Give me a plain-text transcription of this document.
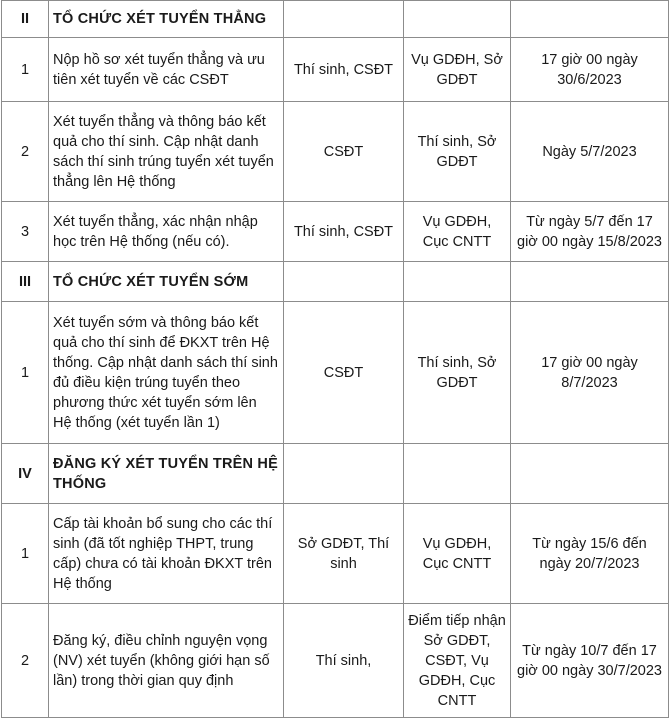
II	TỔ CHỨC XÉT TUYỂN THẲNG			
1	Nộp hồ sơ xét tuyển thẳng và ưu tiên xét tuyển về các CSĐT	Thí sinh, CSĐT	Vụ GDĐH, Sở GDĐT	17 giờ 00 ngày 30/6/2023
2	Xét tuyển thẳng và thông báo kết quả cho thí sinh. Cập nhật danh sách thí sinh trúng tuyển xét tuyển thẳng lên Hệ thống	CSĐT	Thí sinh, Sở GDĐT	Ngày 5/7/2023
3	Xét tuyển thẳng, xác nhận nhập học trên Hệ thống (nếu có).	Thí sinh, CSĐT	Vụ GDĐH, Cục CNTT	Từ ngày 5/7 đến 17 giờ 00 ngày 15/8/2023
III	TỔ CHỨC XÉT TUYỂN SỚM			
1	Xét tuyển sớm và thông báo kết quả cho thí sinh để ĐKXT trên Hệ thống. Cập nhật danh sách thí sinh đủ điều kiện trúng tuyển theo phương thức xét tuyển sớm lên Hệ thống (xét tuyển lần 1)	CSĐT	Thí sinh, Sở GDĐT	17 giờ 00 ngày 8/7/2023
IV	ĐĂNG KÝ XÉT TUYỂN TRÊN HỆ THỐNG			
1	Cấp tài khoản bổ sung cho các thí sinh (đã tốt nghiệp THPT, trung cấp) chưa có tài khoản ĐKXT trên Hệ thống	Sở GDĐT, Thí sinh	Vụ GDĐH, Cục CNTT	Từ ngày 15/6 đến ngày 20/7/2023
2	Đăng ký, điều chỉnh nguyện vọng (NV) xét tuyển (không giới hạn số lần) trong thời gian quy định	Thí sinh,	Điểm tiếp nhận Sở GDĐT, CSĐT, Vụ GDĐH, Cục CNTT	Từ ngày 10/7 đến 17 giờ 00 ngày 30/7/2023
